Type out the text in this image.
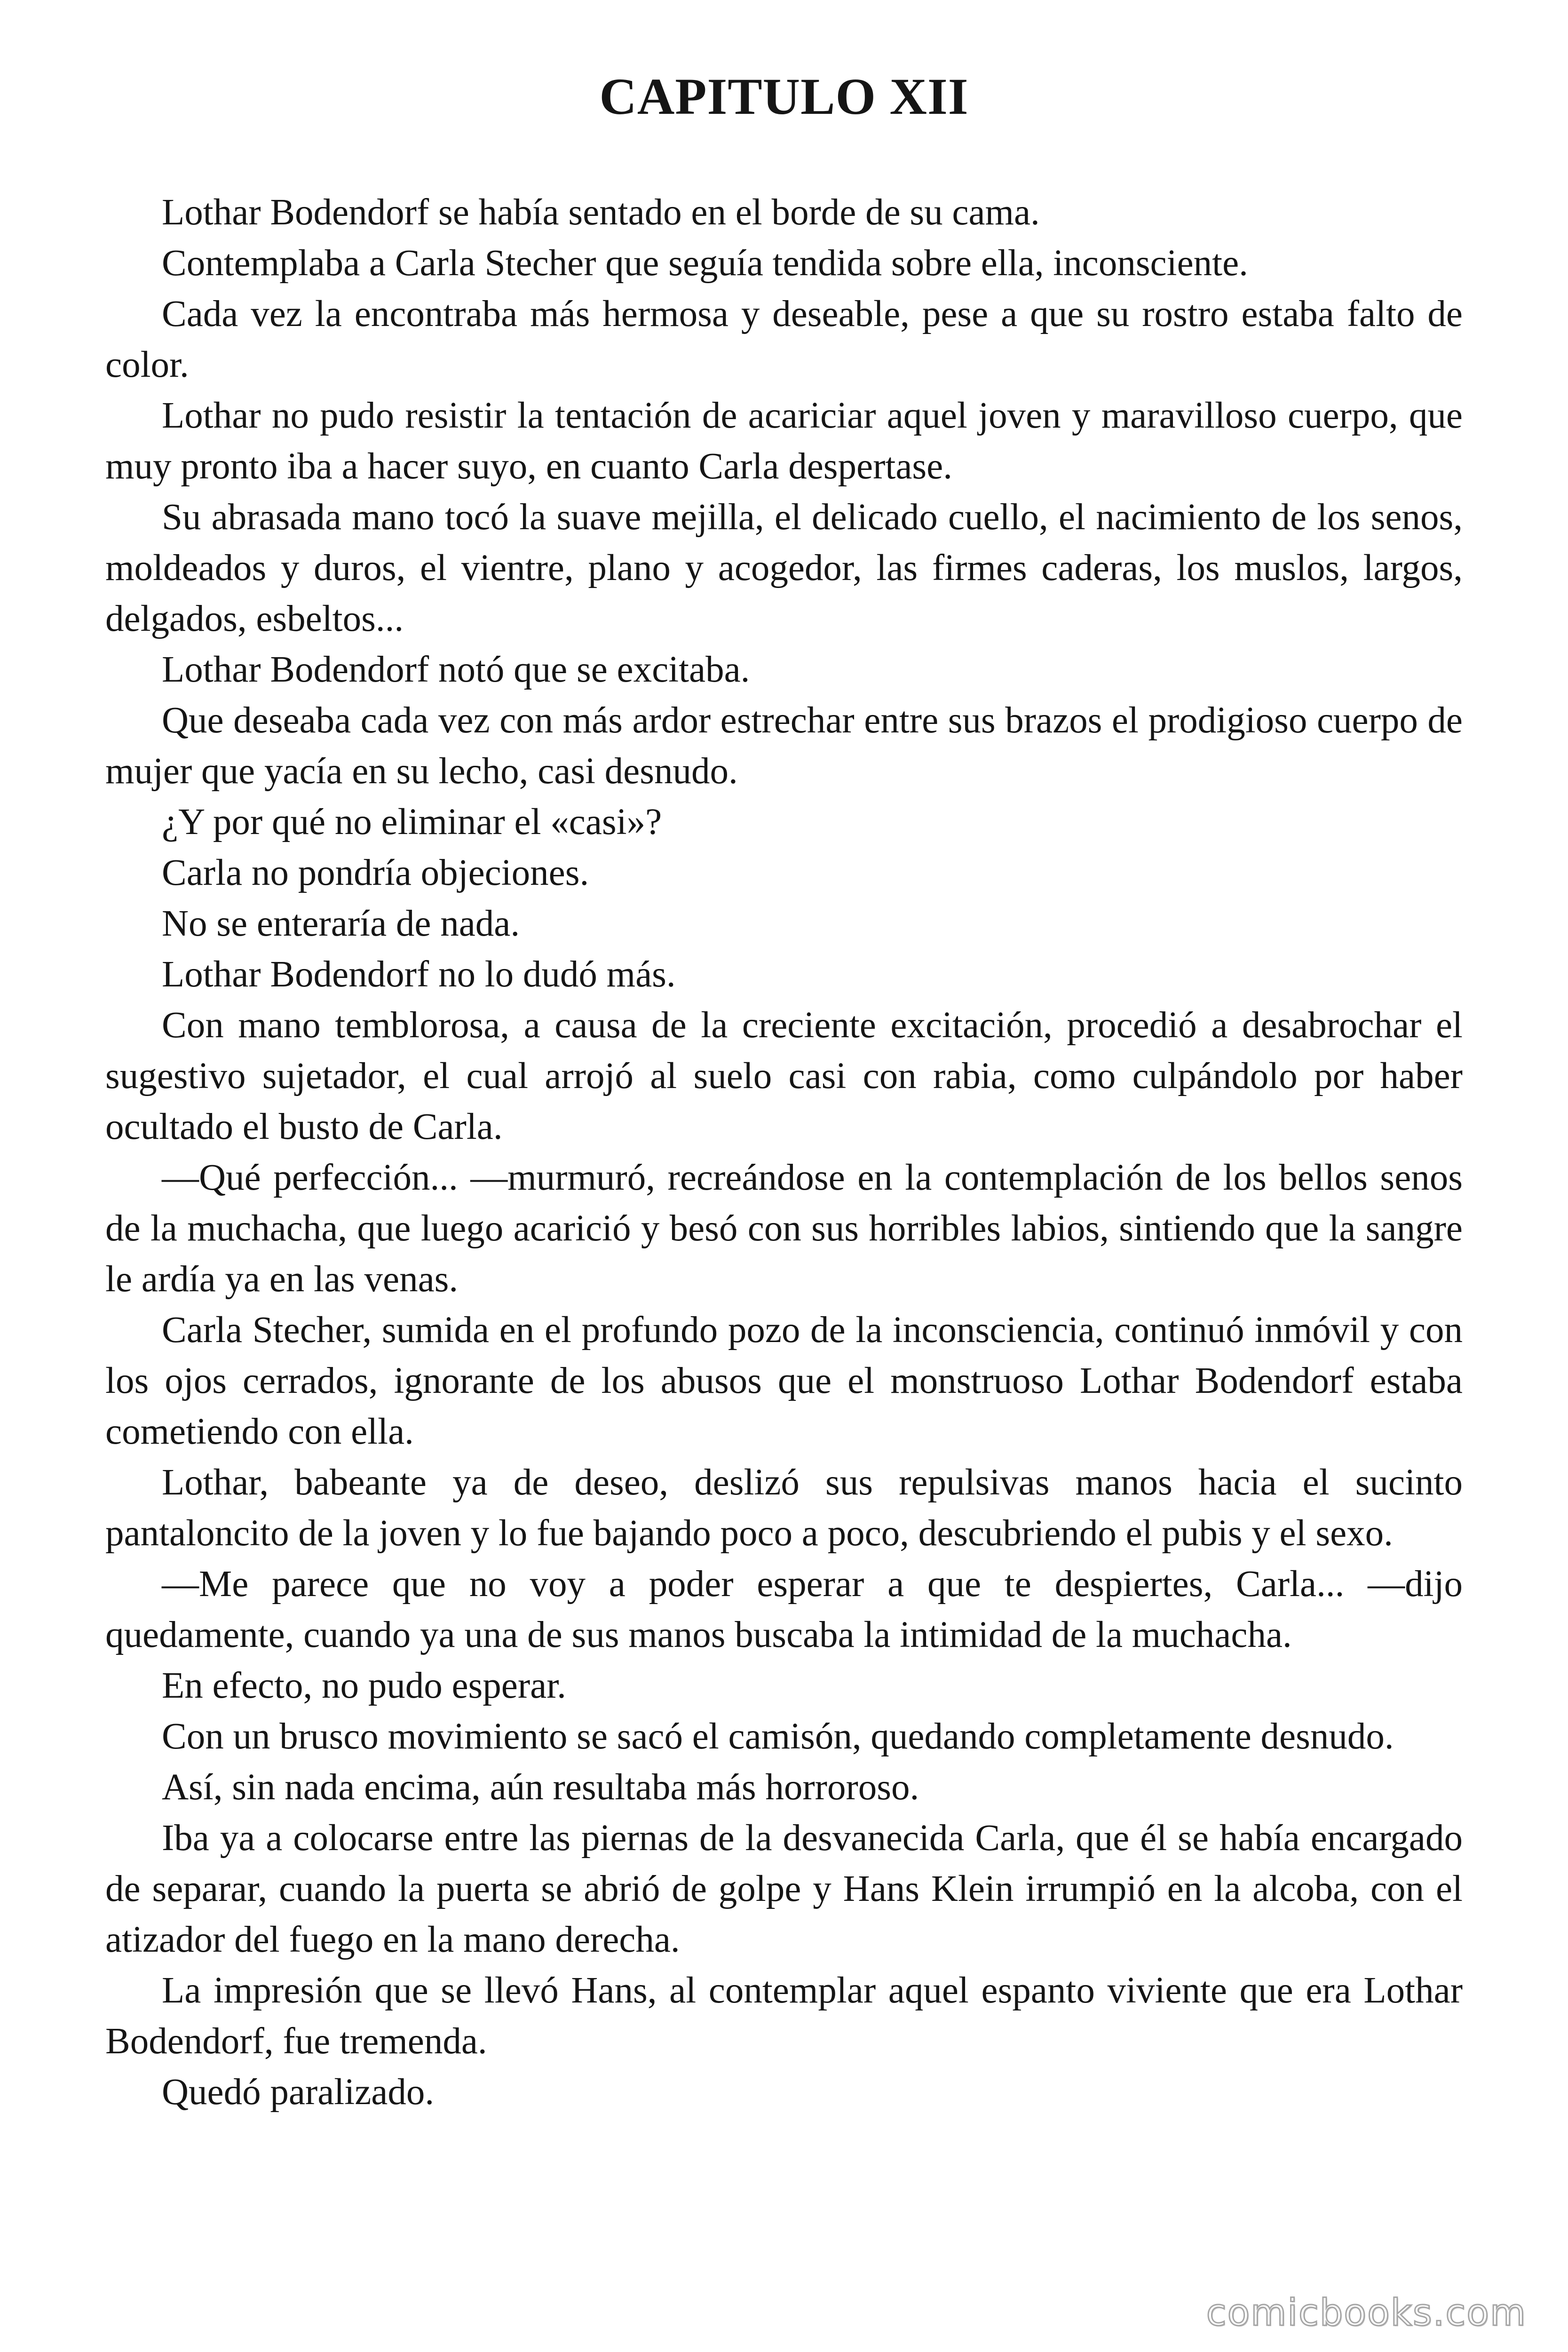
CAPITULO XII

Lothar Bodendorf se había sentado en el borde de su cama.

Contemplaba a Carla Stecher que seguía tendida sobre ella, inconsciente.

Cada vez la encontraba más hermosa y deseable, pese a que su rostro estaba falto de color.

Lothar no pudo resistir la tentación de acariciar aquel joven y maravilloso cuerpo, que muy pronto iba a hacer suyo, en cuanto Carla despertase.

Su abrasada mano tocó la suave mejilla, el delicado cuello, el nacimiento de los senos, moldeados y duros, el vientre, plano y acogedor, las firmes caderas, los muslos, largos, delgados, esbeltos...

Lothar Bodendorf notó que se excitaba.

Que deseaba cada vez con más ardor estrechar entre sus brazos el prodigioso cuerpo de mujer que yacía en su lecho, casi desnudo.

¿Y por qué no eliminar el «casi»?

Carla no pondría objeciones.

No se enteraría de nada.

Lothar Bodendorf no lo dudó más.

Con mano temblorosa, a causa de la creciente excitación, procedió a desabrochar el sugestivo sujetador, el cual arrojó al suelo casi con rabia, como culpándolo por haber ocultado el busto de Carla.

—Qué perfección... —murmuró, recreándose en la contemplación de los bellos senos de la muchacha, que luego acarició y besó con sus horribles labios, sintiendo que la sangre le ardía ya en las venas.

Carla Stecher, sumida en el profundo pozo de la inconsciencia, continuó inmóvil y con los ojos cerrados, ignorante de los abusos que el monstruoso Lothar Bodendorf estaba cometiendo con ella.

Lothar, babeante ya de deseo, deslizó sus repulsivas manos hacia el sucinto pantaloncito de la joven y lo fue bajando poco a poco, descubriendo el pubis y el sexo.

—Me parece que no voy a poder esperar a que te despiertes, Carla... —dijo quedamente, cuando ya una de sus manos buscaba la intimidad de la muchacha.

En efecto, no pudo esperar.

Con un brusco movimiento se sacó el camisón, quedando completamente desnudo.

Así, sin nada encima, aún resultaba más horroroso.

Iba ya a colocarse entre las piernas de la desvanecida Carla, que él se había encargado de separar, cuando la puerta se abrió de golpe y Hans Klein irrumpió en la alcoba, con el atizador del fuego en la mano derecha.

La impresión que se llevó Hans, al contemplar aquel espanto viviente que era Lothar Bodendorf, fue tremenda.

Quedó paralizado.

comicbooks.com
